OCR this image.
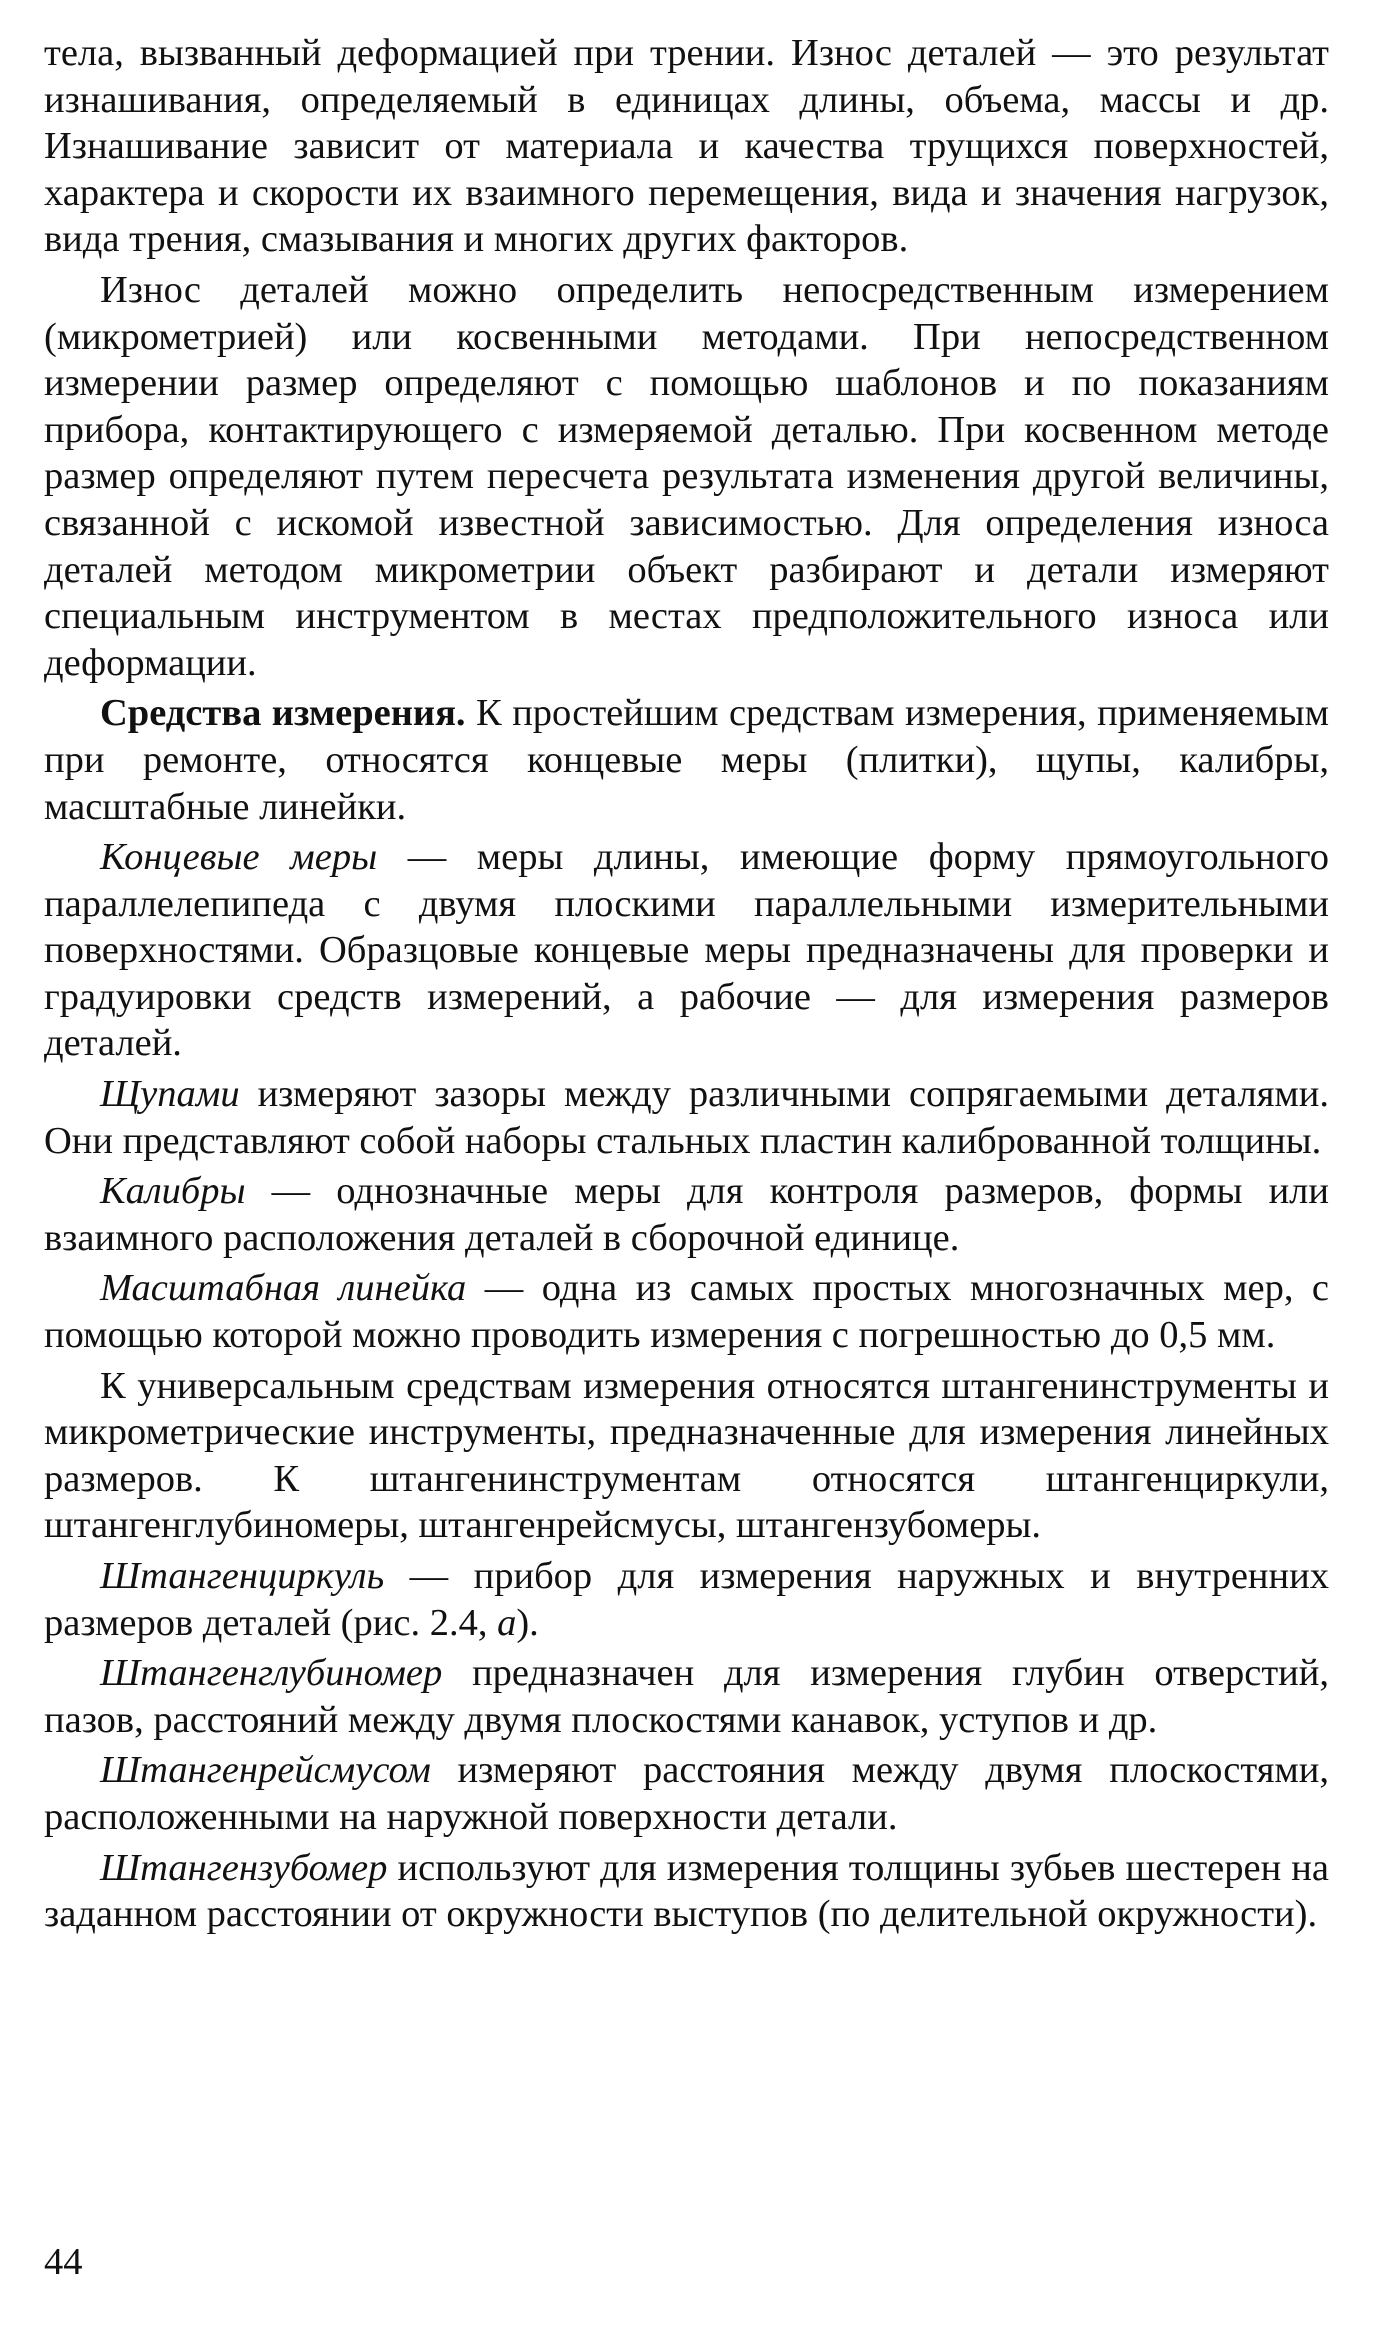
тела, вызванный деформацией при трении. Износ деталей — это результат изнашивания, определяемый в единицах длины, объема, массы и др. Изнашивание зависит от материала и качества трущихся поверхностей, характера и скорости их взаимного перемещения, вида и значения нагрузок, вида трения, смазывания и многих других факторов.

Износ деталей можно определить непосредственным измерением (микрометрией) или косвенными методами. При непосредственном измерении размер определяют с помощью шаблонов и по показаниям прибора, контактирующего с измеряемой деталью. При косвенном методе размер определяют путем пересчета результата изменения другой величины, связанной с искомой известной зависимостью. Для определения износа деталей методом микрометрии объект разбирают и детали измеряют специальным инструментом в местах предположительного износа или деформации.

Средства измерения. К простейшим средствам измерения, применяемым при ремонте, относятся концевые меры (плитки), щупы, калибры, масштабные линейки.

Концевые меры — меры длины, имеющие форму прямоугольного параллелепипеда с двумя плоскими параллельными измерительными поверхностями. Образцовые концевые меры предназначены для проверки и градуировки средств измерений, а рабочие — для измерения размеров деталей.

Щупами измеряют зазоры между различными сопрягаемыми деталями. Они представляют собой наборы стальных пластин калиброванной толщины.

Калибры — однозначные меры для контроля размеров, формы или взаимного расположения деталей в сборочной единице.

Масштабная линейка — одна из самых простых многозначных мер, с помощью которой можно проводить измерения с погрешностью до 0,5 мм.

К универсальным средствам измерения относятся штангенинструменты и микрометрические инструменты, предназначенные для измерения линейных размеров. К штангенинструментам относятся штангенциркули, штангенглубиномеры, штангенрейсмусы, штангензубомеры.

Штангенциркуль — прибор для измерения наружных и внутренних размеров деталей (рис. 2.4, а).

Штангенглубиномер предназначен для измерения глубин отверстий, пазов, расстояний между двумя плоскостями канавок, уступов и др.

Штангенрейсмусом измеряют расстояния между двумя плоскостями, расположенными на наружной поверхности детали.

Штангензубомер используют для измерения толщины зубьев шестерен на заданном расстоянии от окружности выступов (по делительной окружности).

44
